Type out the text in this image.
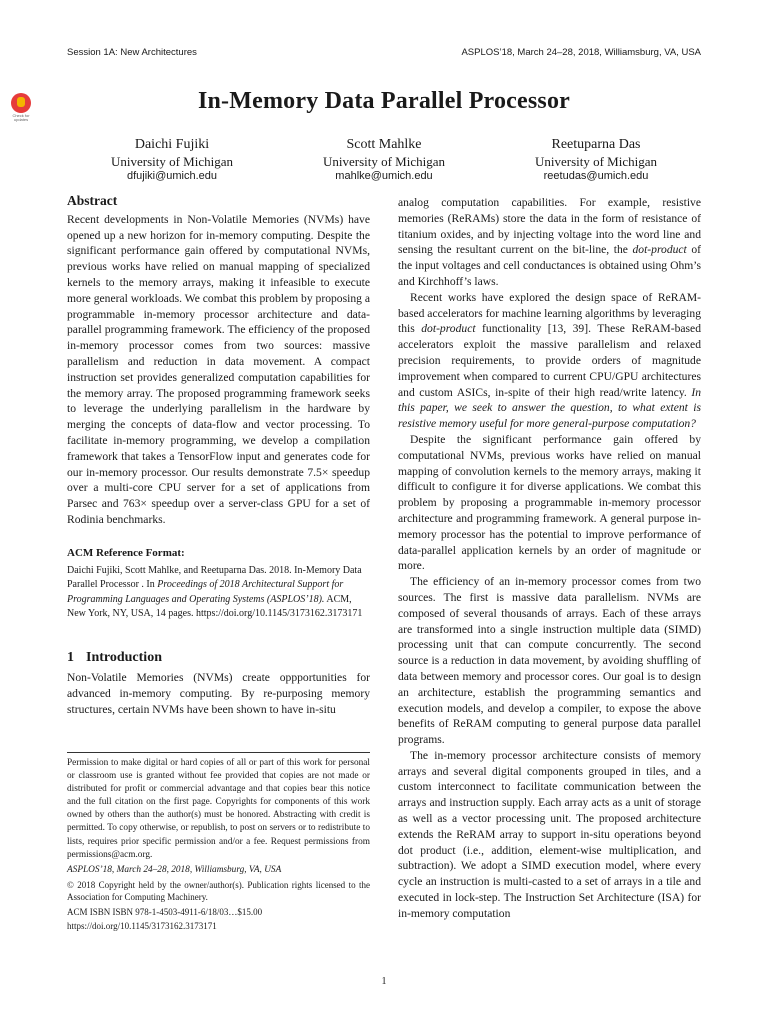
Session 1A: New Architectures	ASPLOS’18, March 24–28, 2018, Williamsburg, VA, USA
Check for
updates
In-Memory Data Parallel Processor
Daichi Fujiki
University of Michigan
dfujiki@umich.edu
Scott Mahlke
University of Michigan
mahlke@umich.edu
Reetuparna Das
University of Michigan
reetudas@umich.edu
Abstract

Recent developments in Non-Volatile Memories (NVMs) have opened up a new horizon for in-memory computing. Despite the significant performance gain offered by computational NVMs, previous works have relied on manual mapping of specialized kernels to the memory arrays, making it infeasible to execute more general workloads. We combat this problem by proposing a programmable in-memory processor architecture and data-parallel programming framework. The efficiency of the proposed in-memory processor comes from two sources: massive parallelism and reduction in data movement. A compact instruction set provides generalized computation capabilities for the memory array. The proposed programming framework seeks to leverage the underlying parallelism in the hardware by merging the concepts of data-flow and vector processing. To facilitate in-memory programming, we develop a compilation framework that takes a TensorFlow input and generates code for our in-memory processor. Our results demonstrate 7.5× speedup over a multi-core CPU server for a set of applications from Parsec and 763× speedup over a server-class GPU for a set of Rodinia benchmarks.

ACM Reference Format:

Daichi Fujiki, Scott Mahlke, and Reetuparna Das. 2018. In-Memory Data Parallel Processor . In Proceedings of 2018 Architectural Support for Programming Languages and Operating Systems (ASPLOS’18). ACM, New York, NY, USA, 14 pages. https://doi.org/10.1145/3173162.3173171

1 Introduction

Non-Volatile Memories (NVMs) create oppportunities for advanced in-memory computing. By re-purposing memory structures, certain NVMs have been shown to have in-situ

Permission to make digital or hard copies of all or part of this work for personal or classroom use is granted without fee provided that copies are not made or distributed for profit or commercial advantage and that copies bear this notice and the full citation on the first page. Copyrights for components of this work owned by others than the author(s) must be honored. Abstracting with credit is permitted. To copy otherwise, or republish, to post on servers or to redistribute to lists, requires prior specific permission and/or a fee. Request permissions from permissions@acm.org.

ASPLOS’18, March 24–28, 2018, Williamsburg, VA, USA

© 2018 Copyright held by the owner/author(s). Publication rights licensed to the Association for Computing Machinery.

ACM ISBN ISBN 978-1-4503-4911-6/18/03…$15.00

https://doi.org/10.1145/3173162.3173171

analog computation capabilities. For example, resistive memories (ReRAMs) store the data in the form of resistance of titanium oxides, and by injecting voltage into the word line and sensing the resultant current on the bit-line, the dot-product of the input voltages and cell conductances is obtained using Ohm’s and Kirchhoff’s laws.

Recent works have explored the design space of ReRAM-based accelerators for machine learning algorithms by leveraging this dot-product functionality [13, 39]. These ReRAM-based accelerators exploit the massive parallelism and relaxed precision requirements, to provide orders of magnitude improvement when compared to current CPU/GPU architectures and custom ASICs, in-spite of their high read/write latency. In this paper, we seek to answer the question, to what extent is resistive memory useful for more general-purpose computation?

Despite the significant performance gain offered by computational NVMs, previous works have relied on manual mapping of convolution kernels to the memory arrays, making it difficult to configure it for diverse applications. We combat this problem by proposing a programmable in-memory processor architecture and programming framework. A general purpose in-memory processor has the potential to improve performance of data-parallel application kernels by an order of magnitude or more.

The efficiency of an in-memory processor comes from two sources. The first is massive data parallelism. NVMs are composed of several thousands of arrays. Each of these arrays are transformed into a single instruction multiple data (SIMD) processing unit that can compute concurrently. The second source is a reduction in data movement, by avoiding shuffling of data between memory and processor cores. Our goal is to design an architecture, establish the programming semantics and execution models, and develop a compiler, to expose the above benefits of ReRAM computing to general purpose data parallel programs.

The in-memory processor architecture consists of memory arrays and several digital components grouped in tiles, and a custom interconnect to facilitate communication between the arrays and instruction supply. Each array acts as a unit of storage as well as a vector processing unit. The proposed architecture extends the ReRAM array to support in-situ operations beyond dot product (i.e., addition, element-wise multiplication, and subtraction). We adopt a SIMD execution model, where every cycle an instruction is multi-casted to a set of arrays in a tile and executed in lock-step. The Instruction Set Architecture (ISA) for in-memory computation

1
